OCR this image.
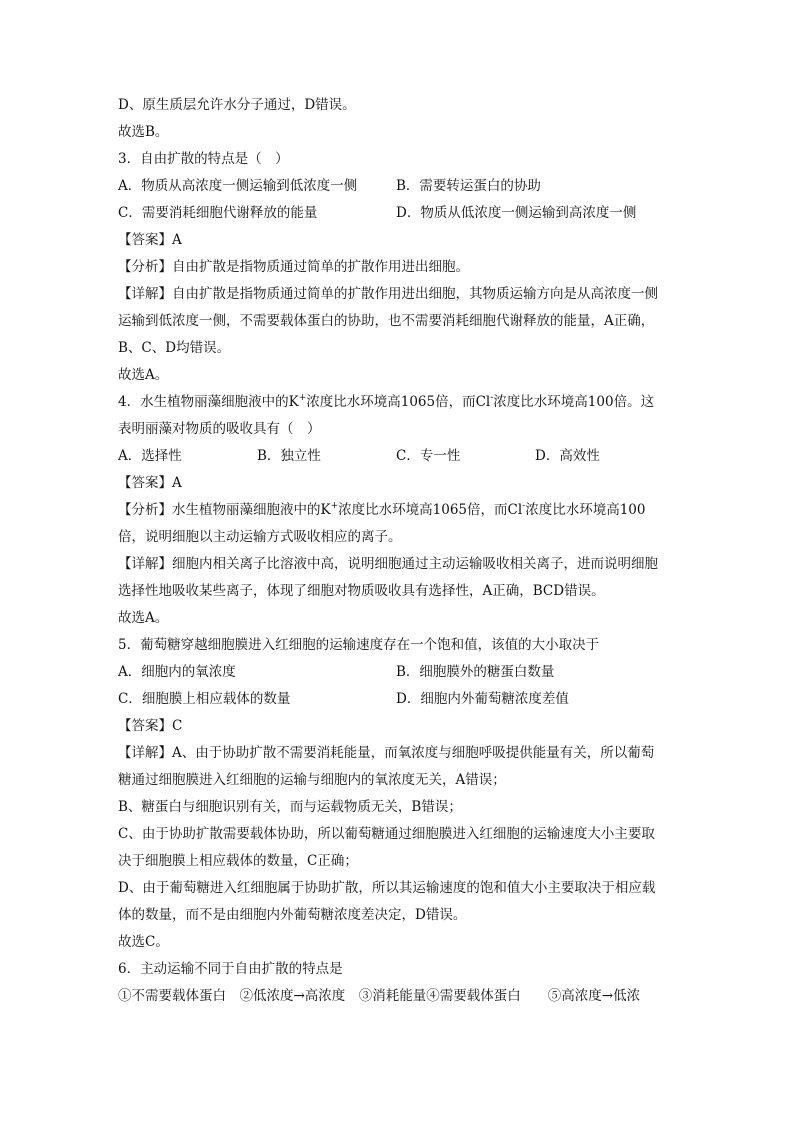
D、原生质层允许水分子通过，D错误。
故选B。
3．自由扩散的特点是（　）
A．物质从高浓度一侧运输到低浓度一侧	B．需要转运蛋白的协助
C．需要消耗细胞代谢释放的能量	D．物质从低浓度一侧运输到高浓度一侧
【答案】A
【分析】自由扩散是指物质通过简单的扩散作用进出细胞。
【详解】自由扩散是指物质通过简单的扩散作用进出细胞，其物质运输方向是从高浓度一侧
运输到低浓度一侧，不需要载体蛋白的协助，也不需要消耗细胞代谢释放的能量，A正确，
B、C、D均错误。
故选A。
4．水生植物丽藻细胞液中的K+浓度比水环境高1065倍，而Cl-浓度比水环境高100倍。这
表明丽藻对物质的吸收具有（　）
A．选择性	B．独立性	C．专一性	D．高效性
【答案】A
【分析】水生植物丽藻细胞液中的K+浓度比水环境高1065倍，而Cl-浓度比水环境高100
倍，说明细胞以主动运输方式吸收相应的离子。
【详解】细胞内相关离子比溶液中高，说明细胞通过主动运输吸收相关离子，进而说明细胞
选择性地吸收某些离子，体现了细胞对物质吸收具有选择性，A正确，BCD错误。
故选A。
5．葡萄糖穿越细胞膜进入红细胞的运输速度存在一个饱和值，该值的大小取决于
A．细胞内的氧浓度	B．细胞膜外的糖蛋白数量
C．细胞膜上相应载体的数量	D．细胞内外葡萄糖浓度差值
【答案】C
【详解】A、由于协助扩散不需要消耗能量，而氧浓度与细胞呼吸提供能量有关，所以葡萄
糖通过细胞膜进入红细胞的运输与细胞内的氧浓度无关，A错误；
B、糖蛋白与细胞识别有关，而与运载物质无关，B错误；
C、由于协助扩散需要载体协助，所以葡萄糖通过细胞膜进入红细胞的运输速度大小主要取
决于细胞膜上相应载体的数量，C正确；
D、由于葡萄糖进入红细胞属于协助扩散，所以其运输速度的饱和值大小主要取决于相应载
体的数量，而不是由细胞内外葡萄糖浓度差决定，D错误。
故选C。
6．主动运输不同于自由扩散的特点是
①不需要载体蛋白　②低浓度→高浓度　③消耗能量④需要载体蛋白　　⑤高浓度→低浓
